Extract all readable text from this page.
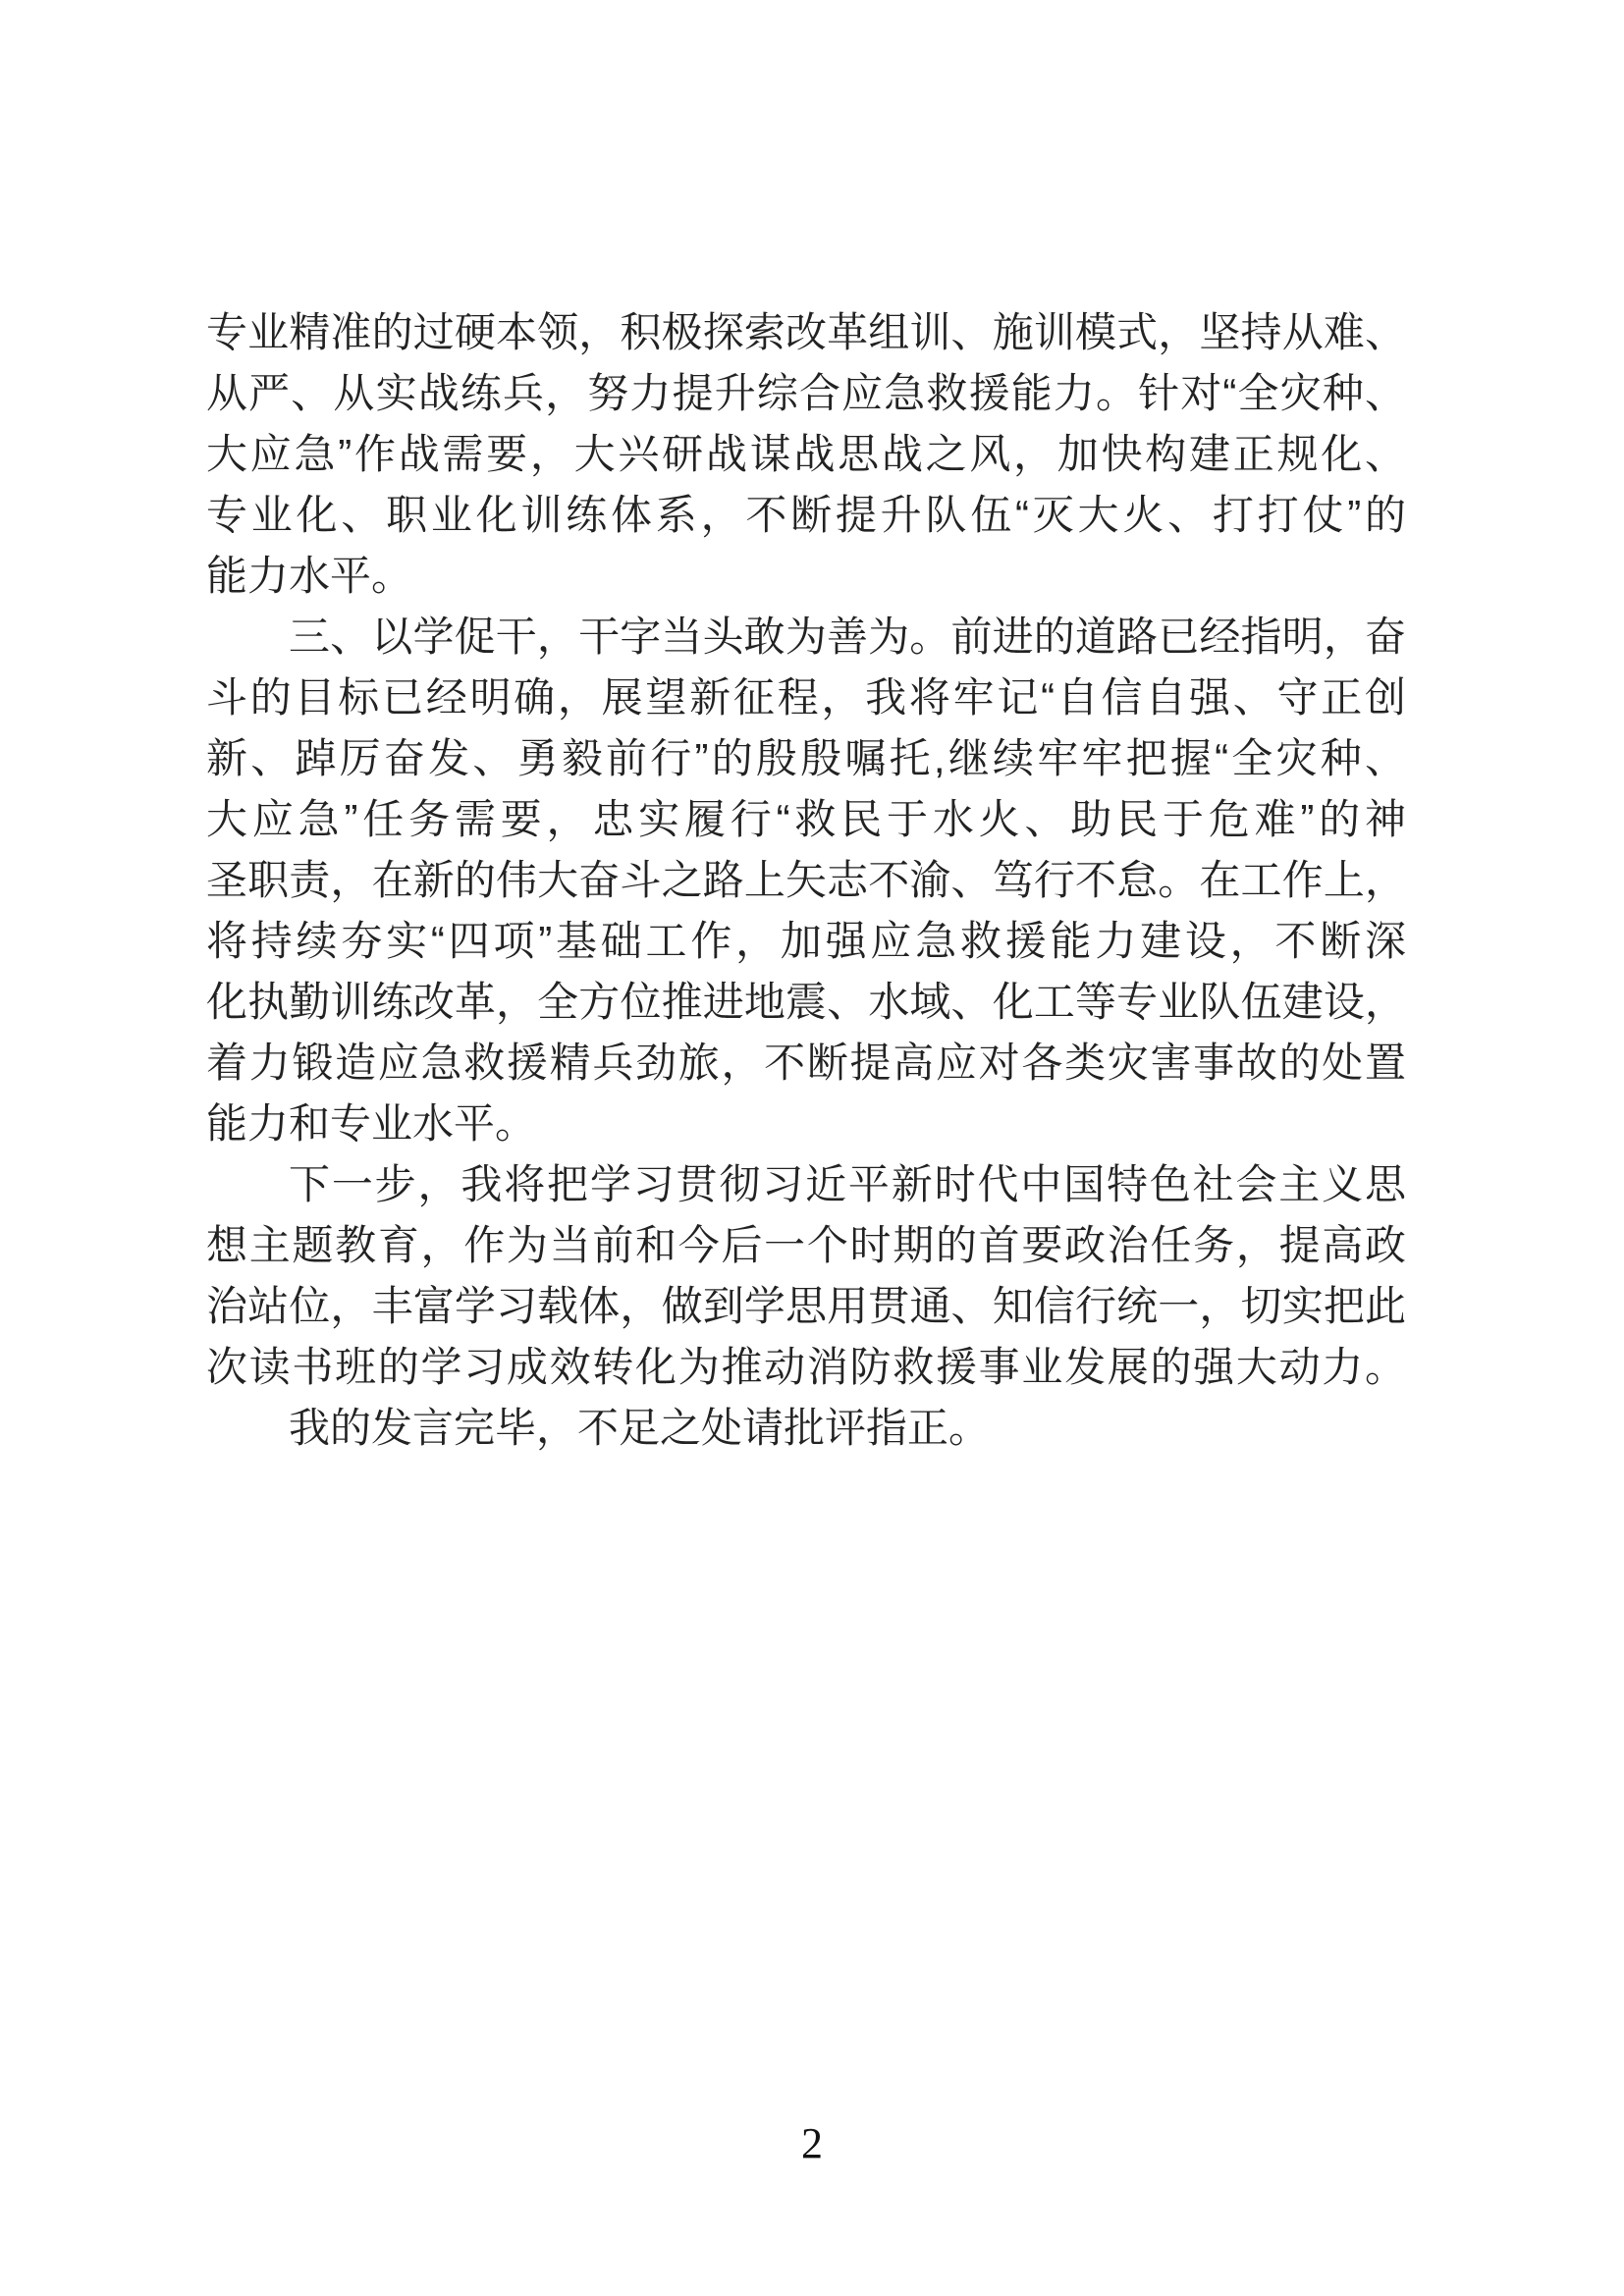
专业精准的过硬本领，积极探索改革组训、施训模式，坚持从难、
从严、从实战练兵，努力提升综合应急救援能力。针对“全灾种、
大应急”作战需要，大兴研战谋战思战之风，加快构建正规化、
专业化、职业化训练体系，不断提升队伍“灭大火、打打仗”的
能力水平。
三、以学促干，干字当头敢为善为。前进的道路已经指明，奋
斗的目标已经明确，展望新征程，我将牢记“自信自强、守正创
新、踔厉奋发、勇毅前行”的殷殷嘱托,继续牢牢把握“全灾种、
大应急”任务需要，忠实履行“救民于水火、助民于危难”的神
圣职责，在新的伟大奋斗之路上矢志不渝、笃行不怠。在工作上，
将持续夯实“四项”基础工作，加强应急救援能力建设，不断深
化执勤训练改革，全方位推进地震、水域、化工等专业队伍建设，
着力锻造应急救援精兵劲旅，不断提高应对各类灾害事故的处置
能力和专业水平。
下一步，我将把学习贯彻习近平新时代中国特色社会主义思
想主题教育，作为当前和今后一个时期的首要政治任务，提高政
治站位，丰富学习载体，做到学思用贯通、知信行统一，切实把此
次读书班的学习成效转化为推动消防救援事业发展的强大动力。
我的发言完毕，不足之处请批评指正。
2
